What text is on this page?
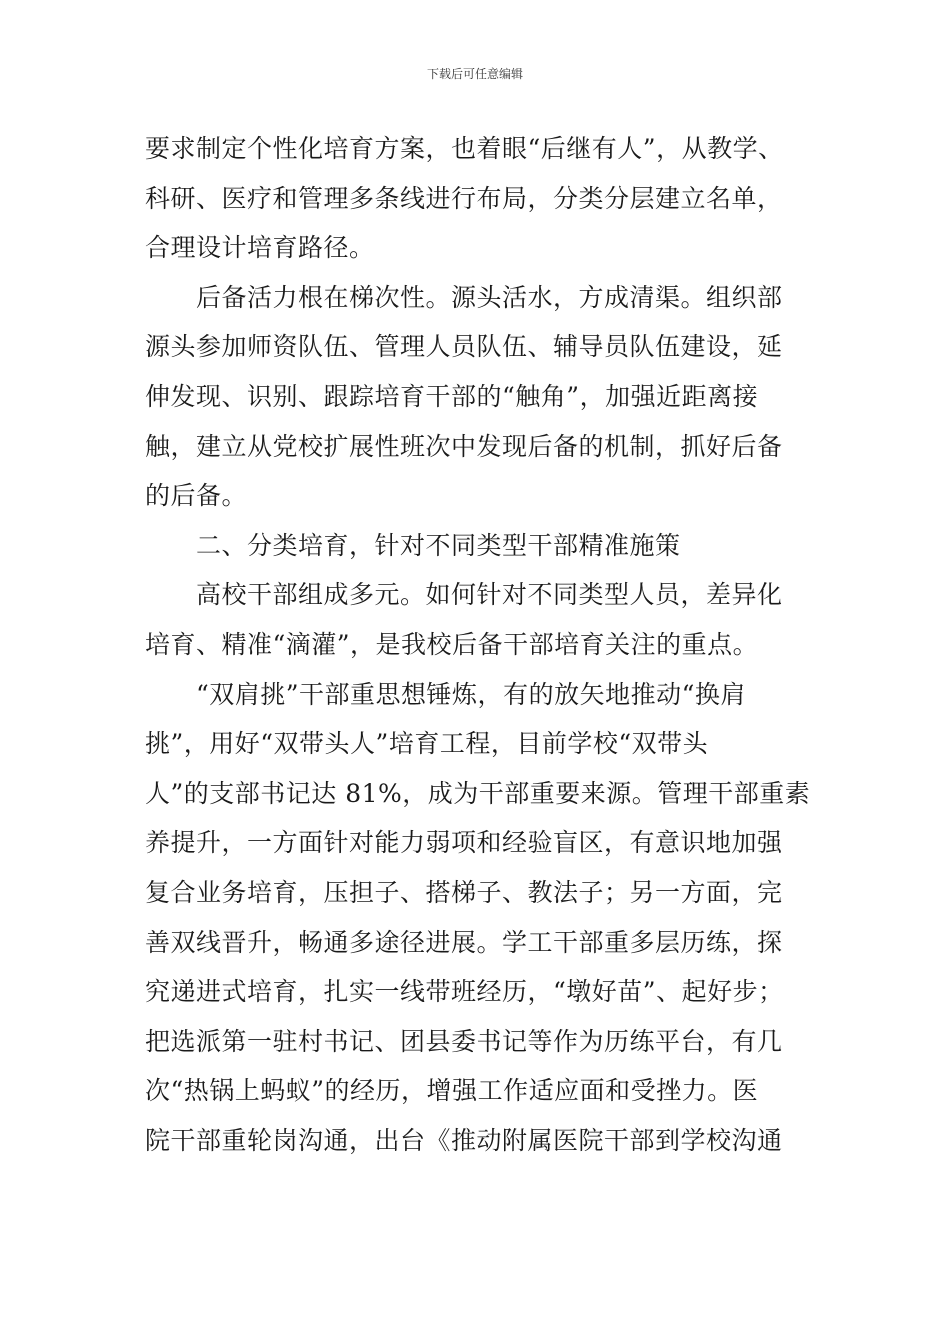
下载后可任意编辑
要求制定个性化培育方案，也着眼“后继有人”，从教学、
科研、医疗和管理多条线进行布局，分类分层建立名单，
合理设计培育路径。
后备活力根在梯次性。源头活水，方成清渠。组织部
源头参加师资队伍、管理人员队伍、辅导员队伍建设，延
伸发现、识别、跟踪培育干部的“触角”，加强近距离接
触，建立从党校扩展性班次中发现后备的机制，抓好后备
的后备。
二、分类培育，针对不同类型干部精准施策
高校干部组成多元。如何针对不同类型人员，差异化
培育、精准“滴灌”，是我校后备干部培育关注的重点。
“双肩挑”干部重思想锤炼，有的放矢地推动“换肩
挑”，用好“双带头人”培育工程，目前学校“双带头
人”的支部书记达 81%，成为干部重要来源。管理干部重素
养提升，一方面针对能力弱项和经验盲区，有意识地加强
复合业务培育，压担子、搭梯子、教法子；另一方面，完
善双线晋升，畅通多途径进展。学工干部重多层历练，探
究递进式培育，扎实一线带班经历，“墩好苗”、起好步；
把选派第一驻村书记、团县委书记等作为历练平台，有几
次“热锅上蚂蚁”的经历，增强工作适应面和受挫力。医
院干部重轮岗沟通，出台《推动附属医院干部到学校沟通
